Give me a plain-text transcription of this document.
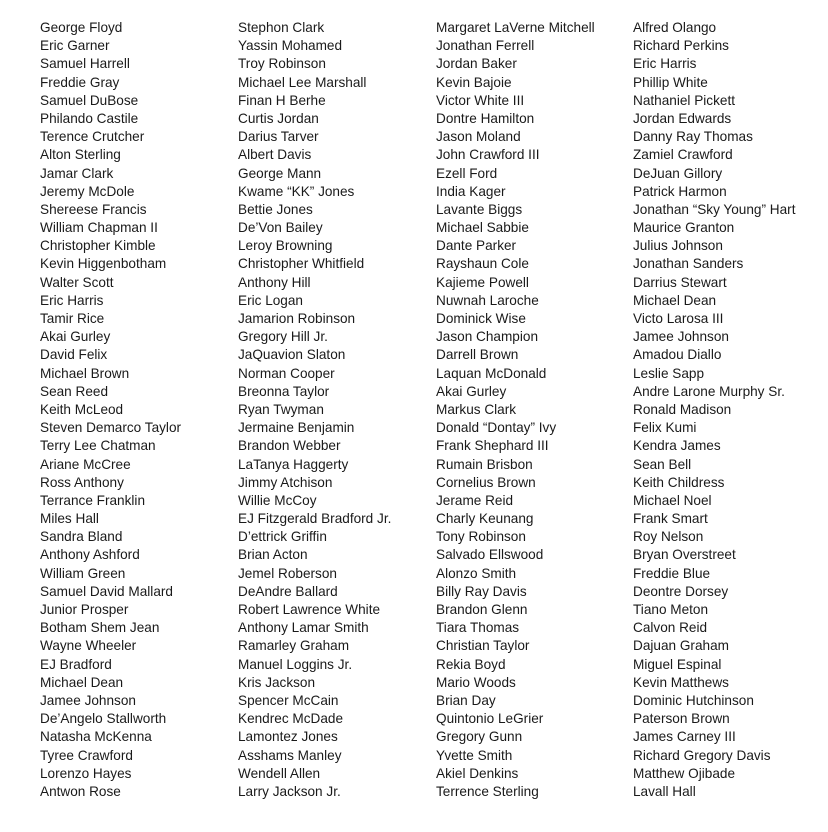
George Floyd
Eric Garner
Samuel Harrell
Freddie Gray
Samuel DuBose
Philando Castile
Terence Crutcher
Alton Sterling
Jamar Clark
Jeremy McDole
Shereese Francis
William Chapman II
Christopher Kimble
Kevin Higgenbotham
Walter Scott
Eric Harris
Tamir Rice
Akai Gurley
David Felix
Michael Brown
Sean Reed
Keith McLeod
Steven Demarco Taylor
Terry Lee Chatman
Ariane McCree
Ross Anthony
Terrance Franklin
Miles Hall
Sandra Bland
Anthony Ashford
William Green
Samuel David Mallard
Junior Prosper
Botham Shem Jean
Wayne Wheeler
EJ Bradford
Michael Dean
Jamee Johnson
De’Angelo Stallworth
Natasha McKenna
Tyree Crawford
Lorenzo Hayes
Antwon Rose
Stephon Clark
Yassin Mohamed
Troy Robinson
Michael Lee Marshall
Finan H Berhe
Curtis Jordan
Darius Tarver
Albert Davis
George Mann
Kwame “KK” Jones
Bettie Jones
De’Von Bailey
Leroy Browning
Christopher Whitfield
Anthony Hill
Eric Logan
Jamarion Robinson
Gregory Hill Jr.
JaQuavion Slaton
Norman Cooper
Breonna Taylor
Ryan Twyman
Jermaine Benjamin
Brandon Webber
LaTanya Haggerty
Jimmy Atchison
Willie McCoy
EJ Fitzgerald Bradford Jr.
D’ettrick Griffin
Brian Acton
Jemel Roberson
DeAndre Ballard
Robert Lawrence White
Anthony Lamar Smith
Ramarley Graham
Manuel Loggins Jr.
Kris Jackson
Spencer McCain
Kendrec McDade
Lamontez Jones
Asshams Manley
Wendell Allen
Larry Jackson Jr.
Margaret LaVerne Mitchell
Jonathan Ferrell
Jordan Baker
Kevin Bajoie
Victor White III
Dontre Hamilton
Jason Moland
John Crawford III
Ezell Ford
India Kager
Lavante Biggs
Michael Sabbie
Dante Parker
Rayshaun Cole
Kajieme Powell
Nuwnah Laroche
Dominick Wise
Jason Champion
Darrell Brown
Laquan McDonald
Akai Gurley
Markus Clark
Donald “Dontay” Ivy
Frank Shephard III
Rumain Brisbon
Cornelius Brown
Jerame Reid
Charly Keunang
Tony Robinson
Salvado Ellswood
Alonzo Smith
Billy Ray Davis
Brandon Glenn
Tiara Thomas
Christian Taylor
Rekia Boyd
Mario Woods
Brian Day
Quintonio LeGrier
Gregory Gunn
Yvette Smith
Akiel Denkins
Terrence Sterling
Alfred Olango
Richard Perkins
Eric Harris
Phillip White
Nathaniel Pickett
Jordan Edwards
Danny Ray Thomas
Zamiel Crawford
DeJuan Gillory
Patrick Harmon
Jonathan “Sky Young” Hart
Maurice Granton
Julius Johnson
Jonathan Sanders
Darrius Stewart
Michael Dean
Victo Larosa III
Jamee Johnson
Amadou Diallo
Leslie Sapp
Andre Larone Murphy Sr.
Ronald Madison
Felix Kumi
Kendra James
Sean Bell
Keith Childress
Michael Noel
Frank Smart
Roy Nelson
Bryan Overstreet
Freddie Blue
Deontre Dorsey
Tiano Meton
Calvon Reid
Dajuan Graham
Miguel Espinal
Kevin Matthews
Dominic Hutchinson
Paterson Brown
James Carney III
Richard Gregory Davis
Matthew Ojibade
Lavall Hall
